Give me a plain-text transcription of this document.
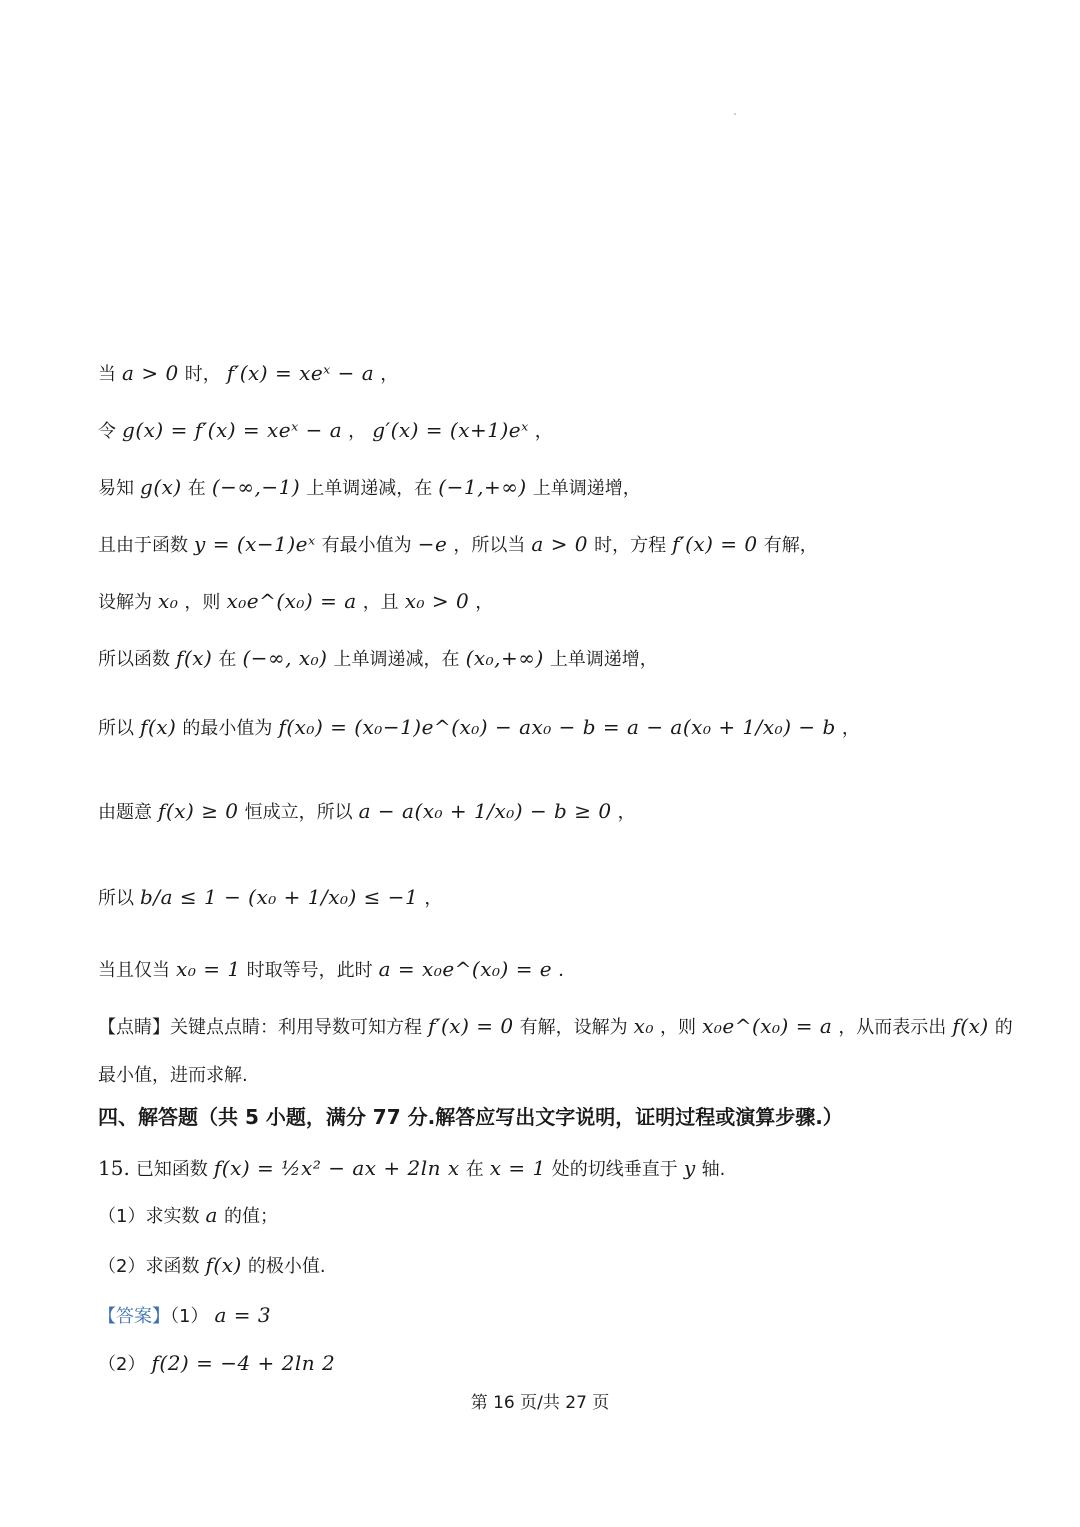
当 a > 0 时， f′(x) = xeˣ − a ，
令 g(x) = f′(x) = xeˣ − a ， g′(x) = (x+1)eˣ ，
易知 g(x) 在 (−∞,−1) 上单调递减，在 (−1,+∞) 上单调递增，
且由于函数 y = (x−1)eˣ 有最小值为 −e ，所以当 a > 0 时，方程 f′(x) = 0 有解，
设解为 x₀ ，则 x₀e^(x₀) = a ，且 x₀ > 0 ，
所以函数 f(x) 在 (−∞, x₀) 上单调递减，在 (x₀,+∞) 上单调递增，
所以 f(x) 的最小值为 f(x₀) = (x₀−1)e^(x₀) − ax₀ − b = a − a(x₀ + 1/x₀) − b ，
由题意 f(x) ≥ 0 恒成立，所以 a − a(x₀ + 1/x₀) − b ≥ 0 ，
所以 b/a ≤ 1 − (x₀ + 1/x₀) ≤ −1 ，
当且仅当 x₀ = 1 时取等号，此时 a = x₀e^(x₀) = e ．
【点睛】关键点点睛：利用导数可知方程 f′(x) = 0 有解，设解为 x₀ ，则 x₀e^(x₀) = a ，从而表示出 f(x) 的
最小值，进而求解.
四、解答题（共 5 小题，满分 77 分.解答应写出文字说明，证明过程或演算步骤.）
15. 已知函数 f(x) = ½x² − ax + 2ln x 在 x = 1 处的切线垂直于 y 轴.
（1）求实数 a 的值；
（2）求函数 f(x) 的极小值.
【答案】（1） a = 3
（2） f(2) = −4 + 2ln 2
第 16 页/共 27 页
